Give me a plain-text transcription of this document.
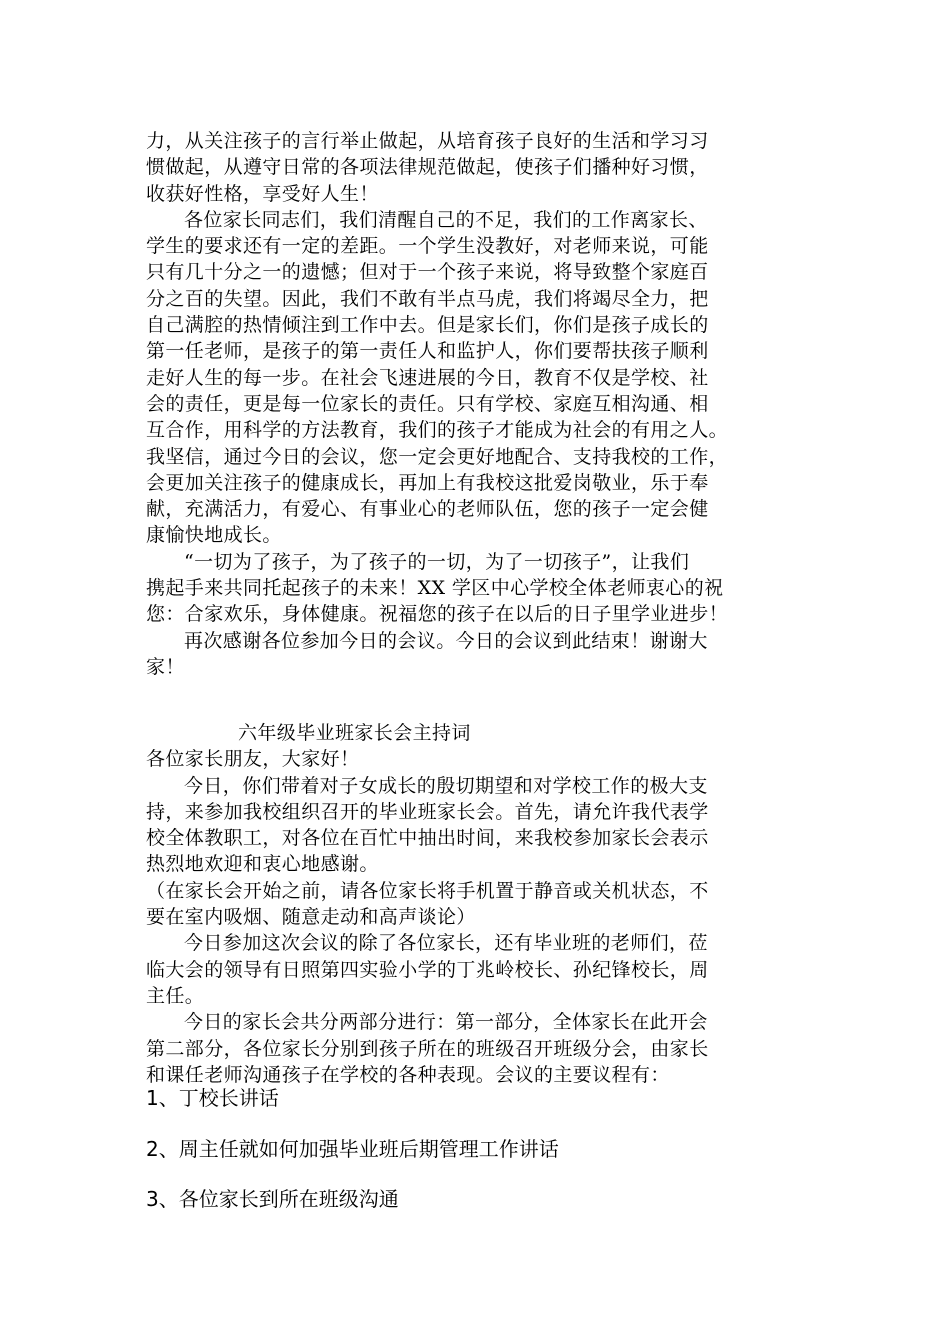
力，从关注孩子的言行举止做起，从培育孩子良好的生活和学习习

惯做起，从遵守日常的各项法律规范做起，使孩子们播种好习惯，

收获好性格，享受好人生！

各位家长同志们，我们清醒自己的不足，我们的工作离家长、

学生的要求还有一定的差距。一个学生没教好，对老师来说，可能

只有几十分之一的遗憾；但对于一个孩子来说，将导致整个家庭百

分之百的失望。因此，我们不敢有半点马虎，我们将竭尽全力，把

自己满腔的热情倾注到工作中去。但是家长们，你们是孩子成长的

第一任老师，是孩子的第一责任人和监护人，你们要帮扶孩子顺利

走好人生的每一步。在社会飞速进展的今日，教育不仅是学校、社

会的责任，更是每一位家长的责任。只有学校、家庭互相沟通、相

互合作，用科学的方法教育，我们的孩子才能成为社会的有用之人。

我坚信，通过今日的会议，您一定会更好地配合、支持我校的工作，

会更加关注孩子的健康成长，再加上有我校这批爱岗敬业，乐于奉

献，充满活力，有爱心、有事业心的老师队伍，您的孩子一定会健

康愉快地成长。

“一切为了孩子，为了孩子的一切，为了一切孩子”，让我们

携起手来共同托起孩子的未来！XX 学区中心学校全体老师衷心的祝

您：合家欢乐，身体健康。祝福您的孩子在以后的日子里学业进步！

再次感谢各位参加今日的会议。今日的会议到此结束！谢谢大

家！

六年级毕业班家长会主持词

各位家长朋友，大家好！

今日，你们带着对子女成长的殷切期望和对学校工作的极大支

持，来参加我校组织召开的毕业班家长会。首先，请允许我代表学

校全体教职工，对各位在百忙中抽出时间，来我校参加家长会表示

热烈地欢迎和衷心地感谢。

（在家长会开始之前，请各位家长将手机置于静音或关机状态，不

要在室内吸烟、随意走动和高声谈论）

今日参加这次会议的除了各位家长，还有毕业班的老师们，莅

临大会的领导有日照第四实验小学的丁兆岭校长、孙纪锋校长，周

主任。

今日的家长会共分两部分进行：第一部分，全体家长在此开会

第二部分，各位家长分别到孩子所在的班级召开班级分会，由家长

和课任老师沟通孩子在学校的各种表现。会议的主要议程有：

1、丁校长讲话
2、周主任就如何加强毕业班后期管理工作讲话
3、各位家长到所在班级沟通
